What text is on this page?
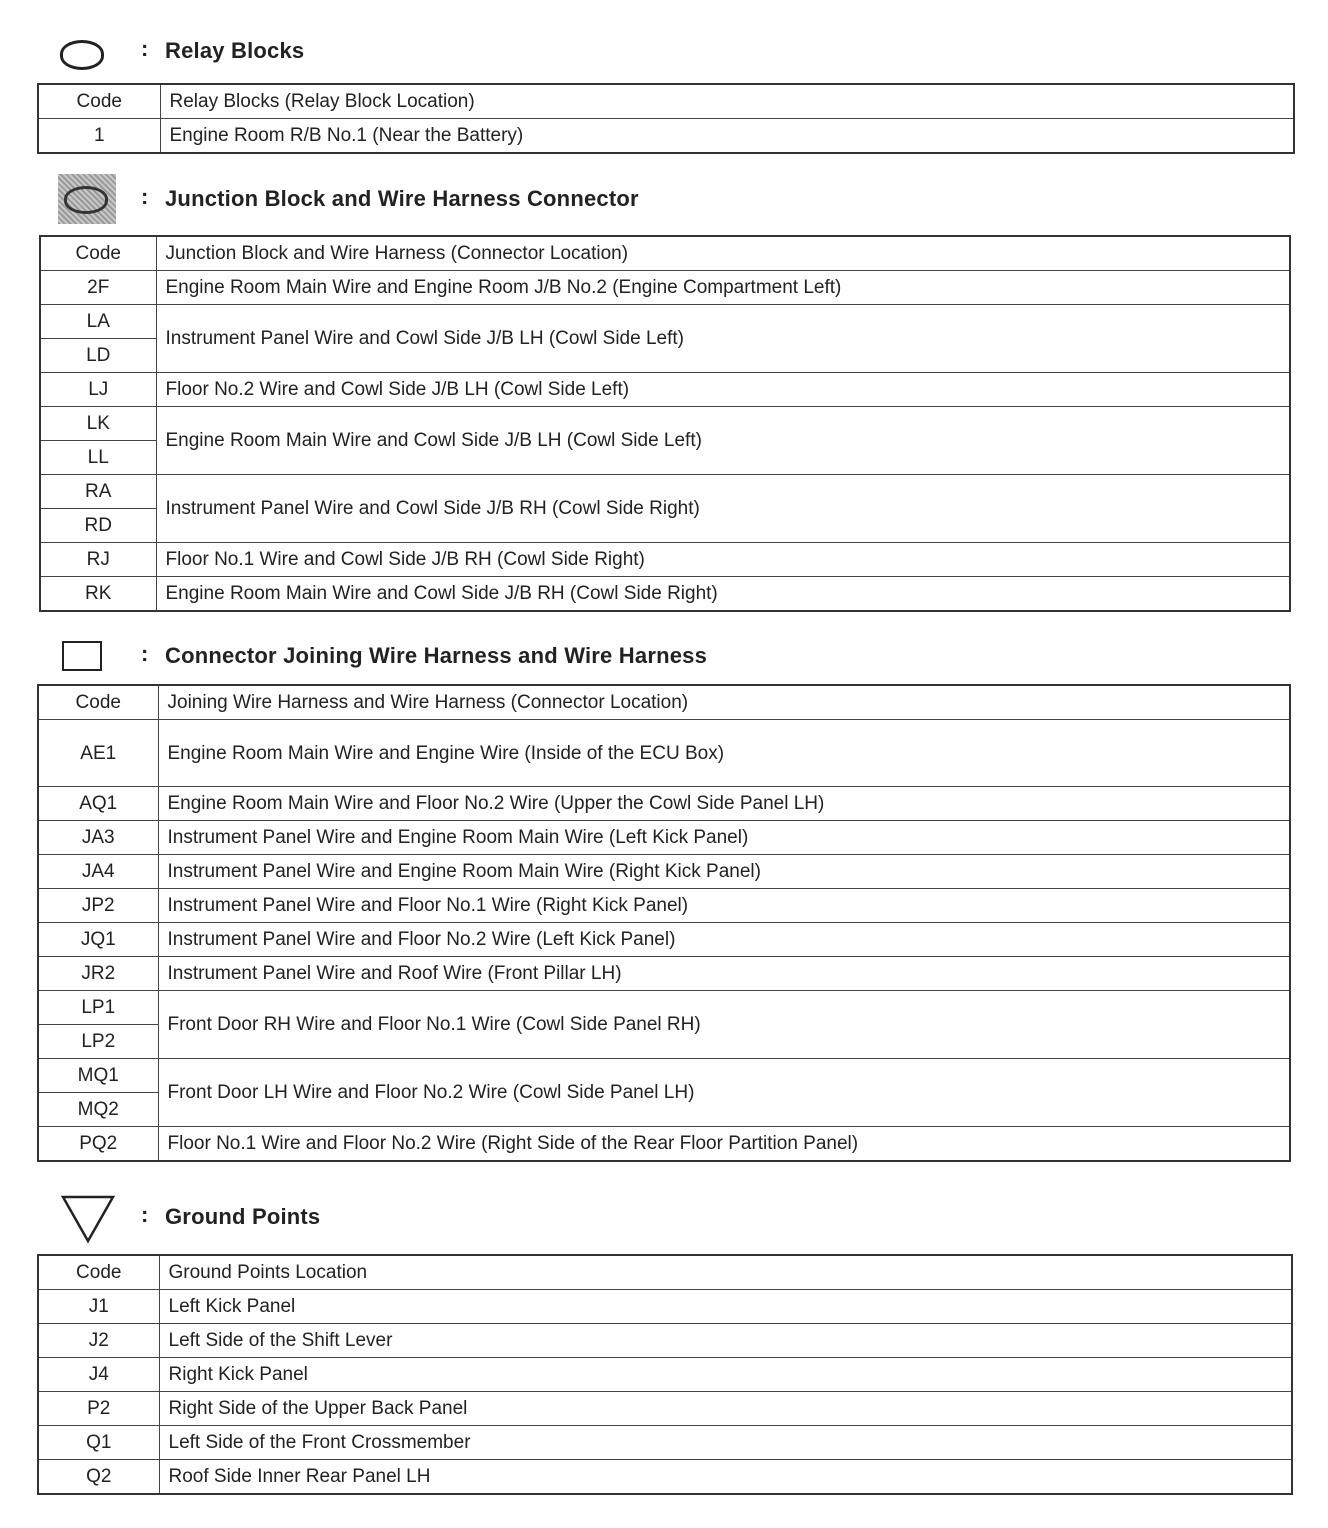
: Relay Blocks
Code	Relay Blocks (Relay Block Location)
1	Engine Room R/B No.1 (Near the Battery)
: Junction Block and Wire Harness Connector
Code	Junction Block and Wire Harness (Connector Location)
2F	Engine Room Main Wire and Engine Room J/B No.2 (Engine Compartment Left)
LA	Instrument Panel Wire and Cowl Side J/B LH (Cowl Side Left)
LD	
LJ	Floor No.2 Wire and Cowl Side J/B LH (Cowl Side Left)
LK	Engine Room Main Wire and Cowl Side J/B LH (Cowl Side Left)
LL	
RA	Instrument Panel Wire and Cowl Side J/B RH (Cowl Side Right)
RD	
RJ	Floor No.1 Wire and Cowl Side J/B RH (Cowl Side Right)
RK	Engine Room Main Wire and Cowl Side J/B RH (Cowl Side Right)
: Connector Joining Wire Harness and Wire Harness
Code	Joining Wire Harness and Wire Harness (Connector Location)
AE1	Engine Room Main Wire and Engine Wire (Inside of the ECU Box)
AQ1	Engine Room Main Wire and Floor No.2 Wire (Upper the Cowl Side Panel LH)
JA3	Instrument Panel Wire and Engine Room Main Wire (Left Kick Panel)
JA4	Instrument Panel Wire and Engine Room Main Wire (Right Kick Panel)
JP2	Instrument Panel Wire and Floor No.1 Wire (Right Kick Panel)
JQ1	Instrument Panel Wire and Floor No.2 Wire (Left Kick Panel)
JR2	Instrument Panel Wire and Roof Wire (Front Pillar LH)
LP1	Front Door RH Wire and Floor No.1 Wire (Cowl Side Panel RH)
LP2	
MQ1	Front Door LH Wire and Floor No.2 Wire (Cowl Side Panel LH)
MQ2	
PQ2	Floor No.1 Wire and Floor No.2 Wire (Right Side of the Rear Floor Partition Panel)
: Ground Points
Code	Ground Points Location
J1	Left Kick Panel
J2	Left Side of the Shift Lever
J4	Right Kick Panel
P2	Right Side of the Upper Back Panel
Q1	Left Side of the Front Crossmember
Q2	Roof Side Inner Rear Panel LH
